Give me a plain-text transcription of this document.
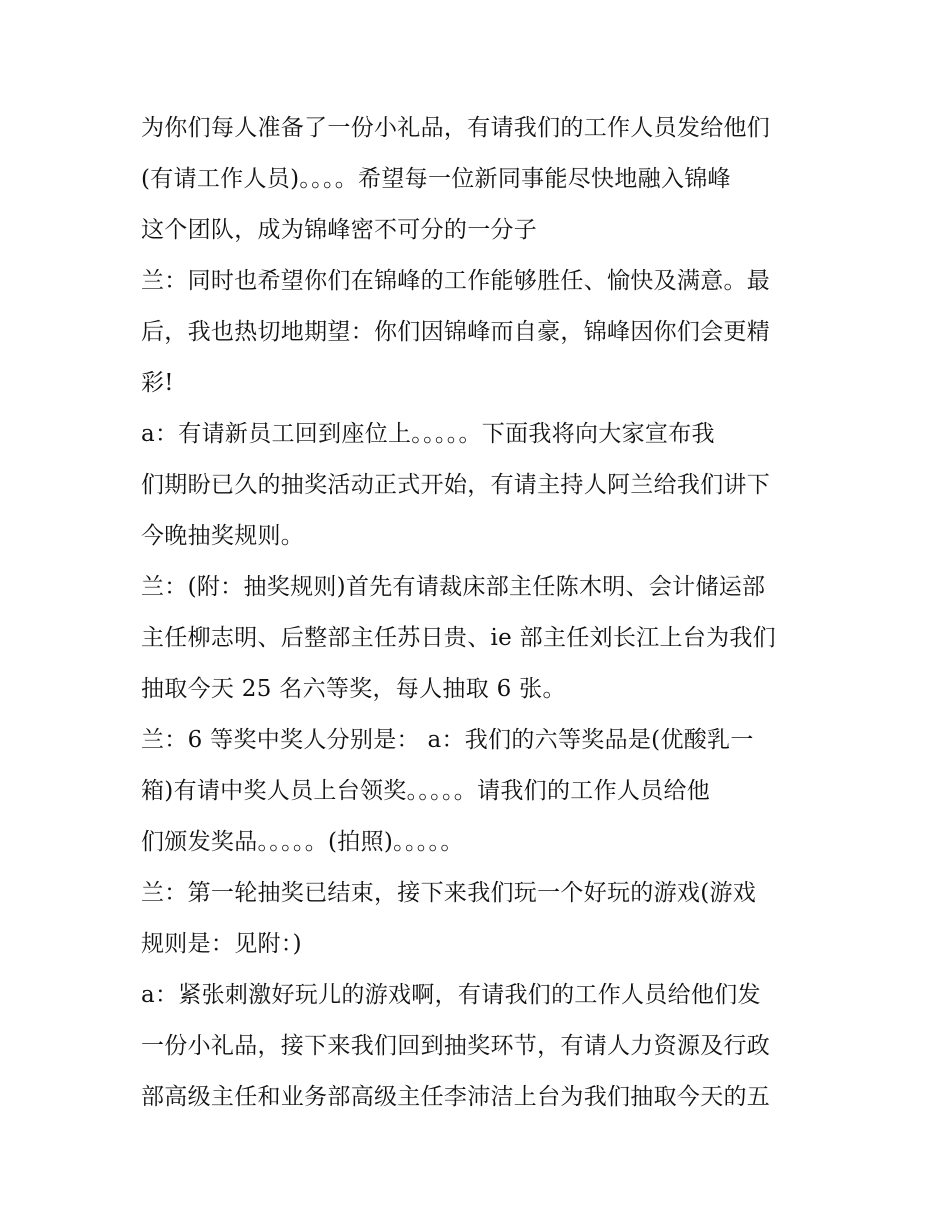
为你们每人准备了一份小礼品，有请我们的工作人员发给他们
(有请工作人员)。。。。希望每一位新同事能尽快地融入锦峰
这个团队，成为锦峰密不可分的一分子
兰：同时也希望你们在锦峰的工作能够胜任、愉快及满意。最
后，我也热切地期望：你们因锦峰而自豪，锦峰因你们会更精
彩!
a：有请新员工回到座位上。。。。。下面我将向大家宣布我
们期盼已久的抽奖活动正式开始，有请主持人阿兰给我们讲下
今晚抽奖规则。
兰：(附：抽奖规则)首先有请裁床部主任陈木明、会计储运部
主任柳志明、后整部主任苏日贵、ie 部主任刘长江上台为我们
抽取今天 25 名六等奖，每人抽取 6 张。
兰：6 等奖中奖人分别是： a：我们的六等奖品是(优酸乳一
箱)有请中奖人员上台领奖。。。。。请我们的工作人员给他
们颁发奖品。。。。。(拍照)。。。。。
兰：第一轮抽奖已结束，接下来我们玩一个好玩的游戏(游戏
规则是：见附：)
a：紧张刺激好玩儿的游戏啊，有请我们的工作人员给他们发
一份小礼品，接下来我们回到抽奖环节，有请人力资源及行政
部高级主任和业务部高级主任李沛洁上台为我们抽取今天的五
